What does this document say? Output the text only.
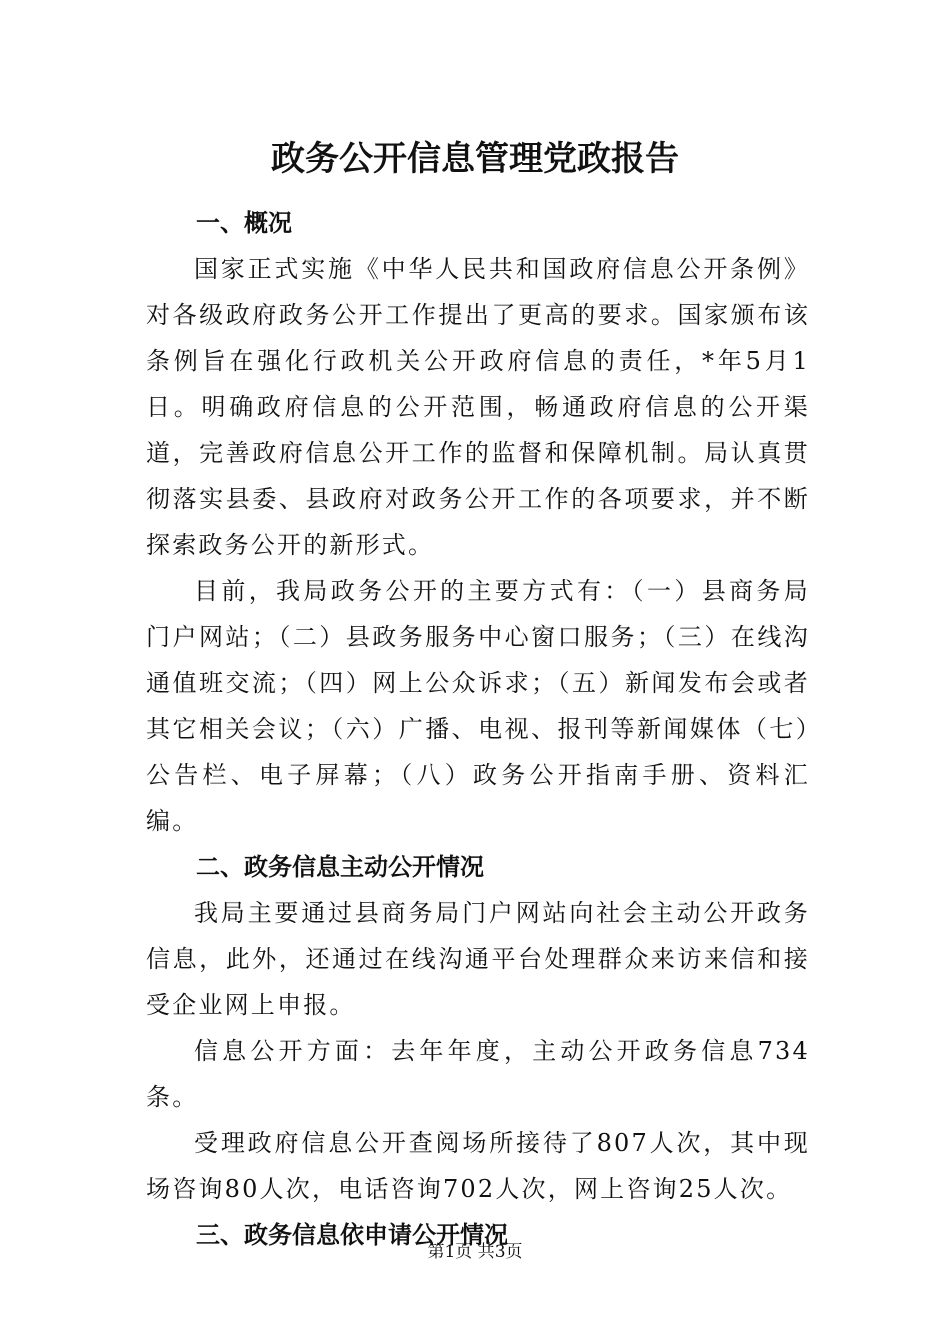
政务公开信息管理党政报告
一、概况

国家正式实施《中华人民共和国政府信息公开条例》对各级政府政务公开工作提出了更高的要求。国家颁布该条例旨在强化行政机关公开政府信息的责任，*年5月1日。明确政府信息的公开范围，畅通政府信息的公开渠道，完善政府信息公开工作的监督和保障机制。局认真贯彻落实县委、县政府对政务公开工作的各项要求，并不断探索政务公开的新形式。

目前，我局政务公开的主要方式有：（一）县商务局门户网站；（二）县政务服务中心窗口服务；（三）在线沟通值班交流；（四）网上公众诉求；（五）新闻发布会或者其它相关会议；（六）广播、电视、报刊等新闻媒体（七）公告栏、电子屏幕；（八）政务公开指南手册、资料汇编。

二、政务信息主动公开情况

我局主要通过县商务局门户网站向社会主动公开政务信息，此外，还通过在线沟通平台处理群众来访来信和接受企业网上申报。

信息公开方面：去年年度，主动公开政务信息734条。

受理政府信息公开查阅场所接待了807人次，其中现场咨询80人次，电话咨询702人次，网上咨询25人次。

三、政务信息依申请公开情况
第1页 共3页
